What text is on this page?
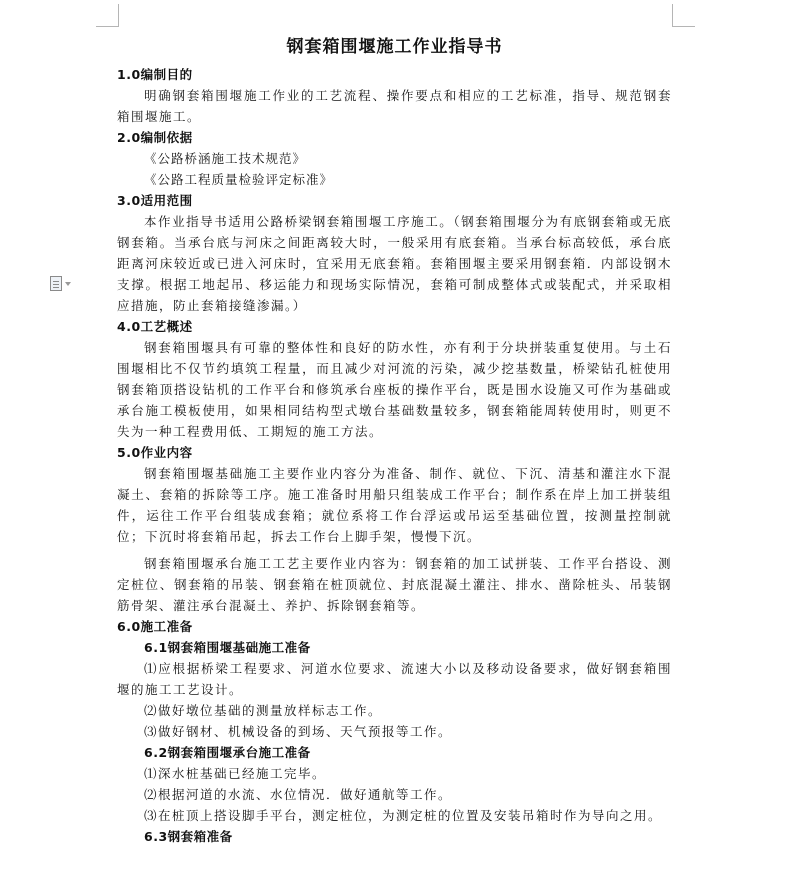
钢套箱围堰施工作业指导书
1.0编制目的

明确钢套箱围堰施工作业的工艺流程、操作要点和相应的工艺标准，指导、规范钢套箱围堰施工。

2.0编制依据
《公路桥涵施工技术规范》
《公路工程质量检验评定标准》
3.0适用范围

本作业指导书适用公路桥梁钢套箱围堰工序施工。（钢套箱围堰分为有底钢套箱或无底钢套箱。当承台底与河床之间距离较大时，一般采用有底套箱。当承台标高较低，承台底距离河床较近或已进入河床时，宜采用无底套箱。套箱围堰主要采用钢套箱．内部设钢木支撑。根据工地起吊、移运能力和现场实际情况，套箱可制成整体式或装配式，并采取相应措施，防止套箱接缝渗漏。）

4.0工艺概述

钢套箱围堰具有可靠的整体性和良好的防水性，亦有利于分块拼装重复使用。与土石围堰相比不仅节约填筑工程量，而且减少对河流的污染，减少挖基数量，桥梁钻孔桩使用钢套箱顶搭设钻机的工作平台和修筑承台座板的操作平台，既是围水设施又可作为基础或承台施工模板使用，如果相同结构型式墩台基础数量较多，钢套箱能周转使用时，则更不失为一种工程费用低、工期短的施工方法。

5.0作业内容

钢套箱围堰基础施工主要作业内容分为准备、制作、就位、下沉、清基和灌注水下混凝土、套箱的拆除等工序。施工准备时用船只组装成工作平台；制作系在岸上加工拼装组件，运往工作平台组装成套箱；就位系将工作台浮运或吊运至基础位置，按测量控制就位；下沉时将套箱吊起，拆去工作台上脚手架，慢慢下沉。

钢套箱围堰承台施工工艺主要作业内容为：钢套箱的加工试拼装、工作平台搭设、测定桩位、钢套箱的吊装、钢套箱在桩顶就位、封底混凝土灌注、排水、凿除桩头、吊装钢筋骨架、灌注承台混凝土、养护、拆除钢套箱等。

6.0施工准备
6.1钢套箱围堰基础施工准备

⑴应根据桥梁工程要求、河道水位要求、流速大小以及移动设备要求，做好钢套箱围堰的施工工艺设计。

⑵做好墩位基础的测量放样标志工作。

⑶做好钢材、机械设备的到场、天气预报等工作。

6.2钢套箱围堰承台施工准备

⑴深水桩基础已经施工完毕。

⑵根据河道的水流、水位情况．做好通航等工作。

⑶在桩顶上搭设脚手平台，测定桩位，为测定桩的位置及安装吊箱时作为导向之用。

6.3钢套箱准备
